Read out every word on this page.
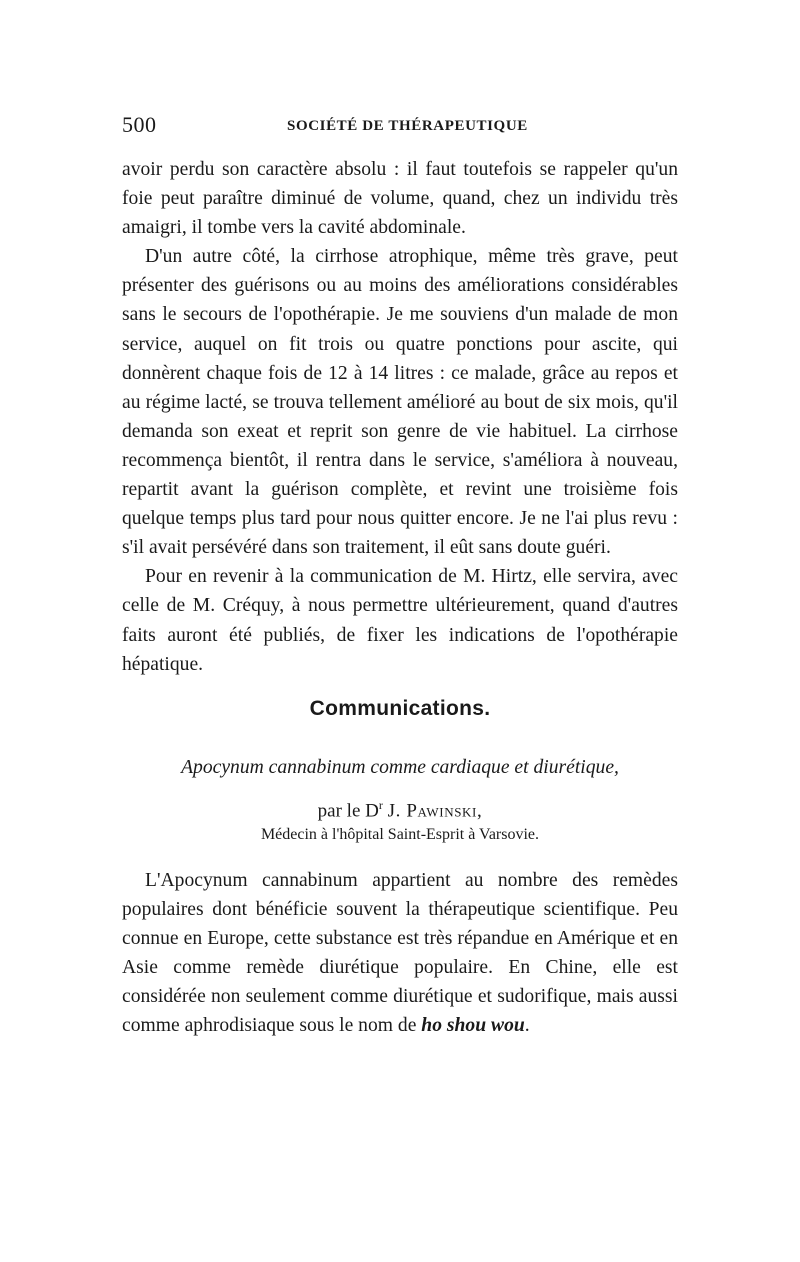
500	SOCIÉTÉ DE THÉRAPEUTIQUE

avoir perdu son caractère absolu : il faut toutefois se rappeler qu'un foie peut paraître diminué de volume, quand, chez un individu très amaigri, il tombe vers la cavité abdominale.

D'un autre côté, la cirrhose atrophique, même très grave, peut présenter des guérisons ou au moins des améliorations considérables sans le secours de l'opothérapie. Je me souviens d'un malade de mon service, auquel on fit trois ou quatre ponctions pour ascite, qui donnèrent chaque fois de 12 à 14 litres : ce malade, grâce au repos et au régime lacté, se trouva tellement amélioré au bout de six mois, qu'il demanda son exeat et reprit son genre de vie habituel. La cirrhose recommença bientôt, il rentra dans le service, s'améliora à nouveau, repartit avant la guérison complète, et revint une troisième fois quelque temps plus tard pour nous quitter encore. Je ne l'ai plus revu : s'il avait persévéré dans son traitement, il eût sans doute guéri.

Pour en revenir à la communication de M. Hirtz, elle servira, avec celle de M. Créquy, à nous permettre ultérieurement, quand d'autres faits auront été publiés, de fixer les indications de l'opothérapie hépatique.

Communications.
Apocynum cannabinum comme cardiaque et diurétique,
par le $D^r$ J. Pawinski,
Médecin à l'hôpital Saint-Esprit à Varsovie.

L'Apocynum cannabinum appartient au nombre des remèdes populaires dont bénéficie souvent la thérapeutique scientifique. Peu connue en Europe, cette substance est très répandue en Amérique et en Asie comme remède diurétique populaire. En Chine, elle est considérée non seulement comme diurétique et sudorifique, mais aussi comme aphrodisiaque sous le nom de ho shou wou.
